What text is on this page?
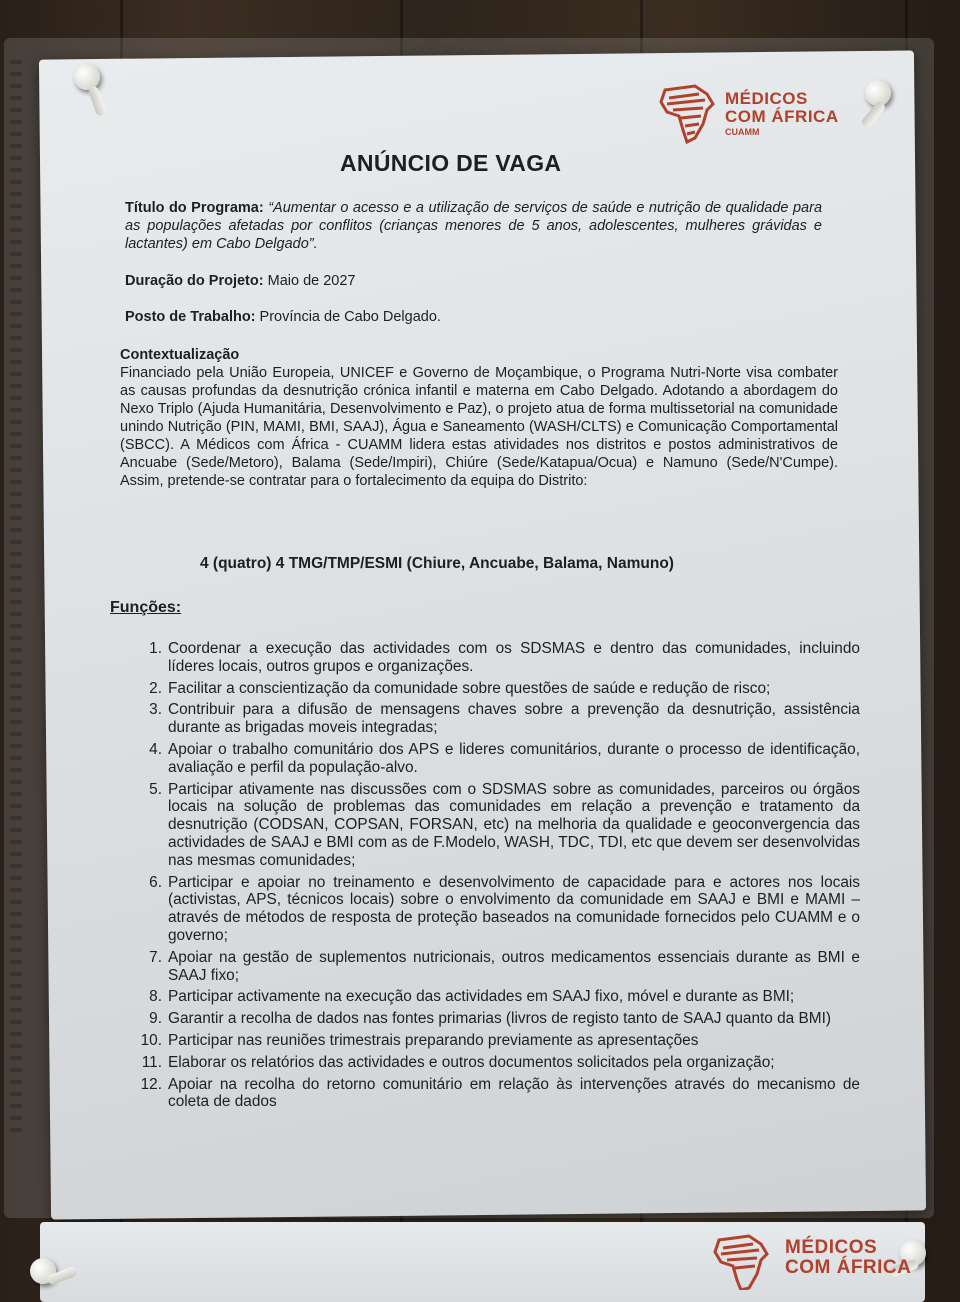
MÉDICOS
COM ÁFRICA
CUAMM
MÉDICOS
COM ÁFRICA
ANÚNCIO DE VAGA
Título do Programa: “Aumentar o acesso e a utilização de serviços de saúde e nutrição de qualidade para as populações afetadas por conflitos (crianças menores de 5 anos, adolescentes, mulheres grávidas e lactantes) em Cabo Delgado”.
Duração do Projeto: Maio de 2027
Posto de Trabalho: Província de Cabo Delgado.
Contextualização
Financiado pela União Europeia, UNICEF e Governo de Moçambique, o Programa Nutri-Norte visa combater as causas profundas da desnutrição crónica infantil e materna em Cabo Delgado. Adotando a abordagem do Nexo Triplo (Ajuda Humanitária, Desenvolvimento e Paz), o projeto atua de forma multissetorial na comunidade unindo Nutrição (PIN, MAMI, BMI, SAAJ), Água e Saneamento (WASH/CLTS) e Comunicação Comportamental (SBCC). A Médicos com África - CUAMM lidera estas atividades nos distritos e postos administrativos de Ancuabe (Sede/Metoro), Balama (Sede/Impiri), Chiúre (Sede/Katapua/Ocua) e Namuno (Sede/N'Cumpe). Assim, pretende-se contratar para o fortalecimento da equipa do Distrito:
4 (quatro) 4 TMG/TMP/ESMI (Chiure, Ancuabe, Balama, Namuno)
Funções:
1. Coordenar a execução das actividades com os SDSMAS e dentro das comunidades, incluindo líderes locais, outros grupos e organizações.
2. Facilitar a conscientização da comunidade sobre questões de saúde e redução de risco;
3. Contribuir para a difusão de mensagens chaves sobre a prevenção da desnutrição, assistência durante as brigadas moveis integradas;
4. Apoiar o trabalho comunitário dos APS e lideres comunitários, durante o processo de identificação, avaliação e perfil da população-alvo.
5. Participar ativamente nas discussões com o SDSMAS sobre as comunidades, parceiros ou órgãos locais na solução de problemas das comunidades em relação a prevenção e tratamento da desnutrição (CODSAN, COPSAN, FORSAN, etc) na melhoria da qualidade e geoconvergencia das actividades de SAAJ e BMI com as de F.Modelo, WASH, TDC, TDI, etc que devem ser desenvolvidas nas mesmas comunidades;
6. Participar e apoiar no treinamento e desenvolvimento de capacidade para e actores nos locais (activistas, APS, técnicos locais) sobre o envolvimento da comunidade em SAAJ e BMI e MAMI – através de métodos de resposta de proteção baseados na comunidade fornecidos pelo CUAMM e o governo;
7. Apoiar na gestão de suplementos nutricionais, outros medicamentos essenciais durante as BMI e SAAJ fixo;
8. Participar activamente na execução das actividades em SAAJ fixo, móvel e durante as BMI;
9. Garantir a recolha de dados nas fontes primarias (livros de registo tanto de SAAJ quanto da BMI)
10. Participar nas reuniões trimestrais preparando previamente as apresentações
11. Elaborar os relatórios das actividades e outros documentos solicitados pela organização;
12. Apoiar na recolha do retorno comunitário em relação às intervenções através do mecanismo de coleta de dados
